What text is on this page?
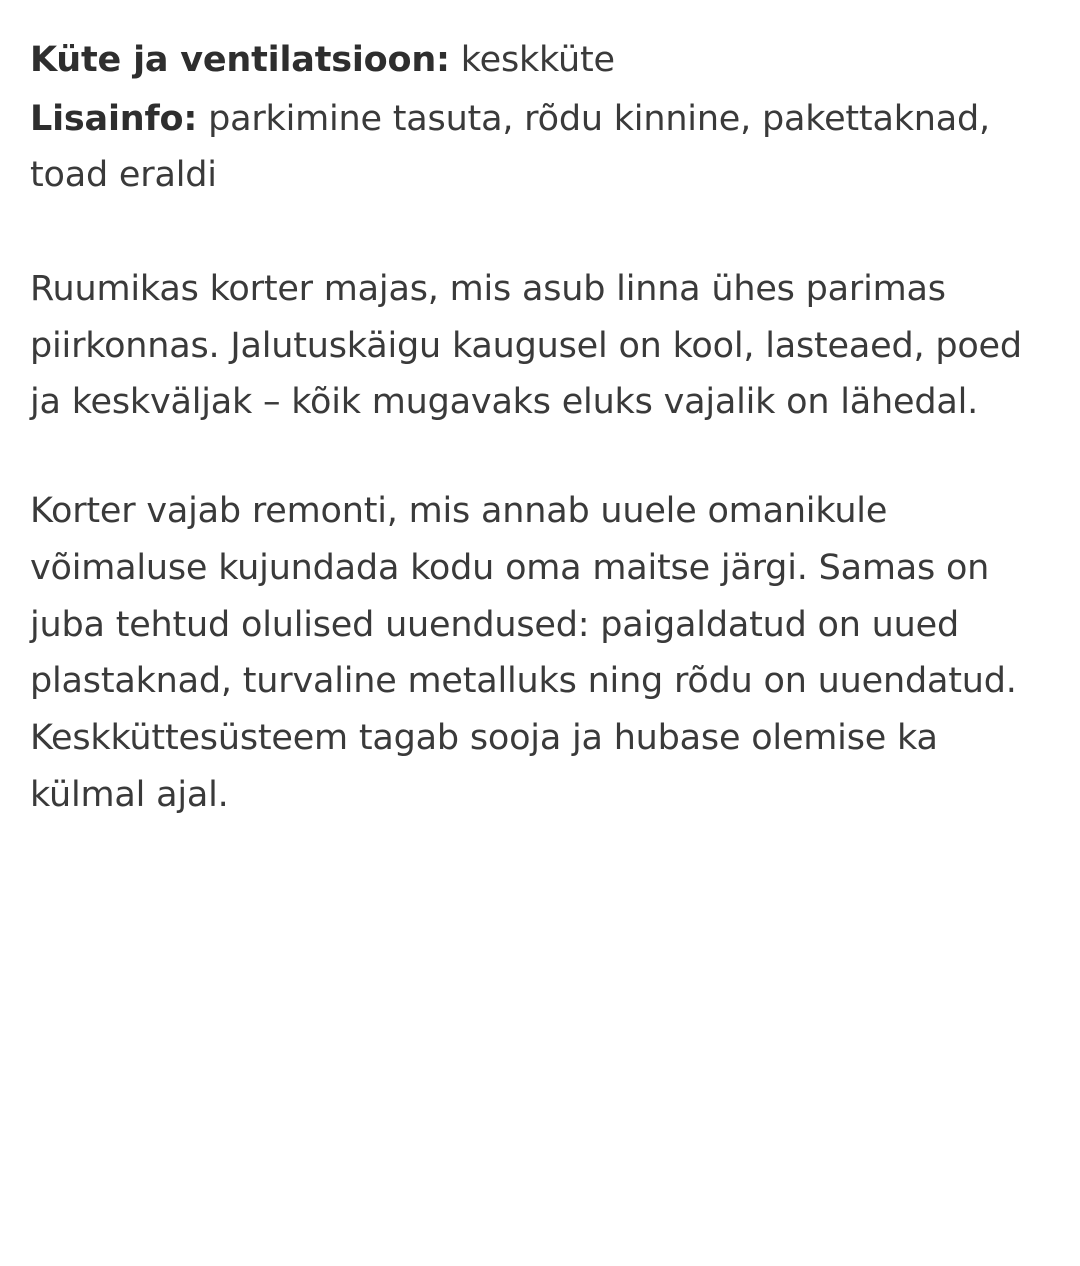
Küte ja ventilatsioon: keskküte

Lisainfo: parkimine tasuta, rõdu kinnine, pakettaknad, toad eraldi

Ruumikas korter majas, mis asub linna ühes parimas piirkonnas. Jalutuskäigu kaugusel on kool, lasteaed, poed ja keskväljak – kõik mugavaks eluks vajalik on lähedal.

Korter vajab remonti, mis annab uuele omanikule võimaluse kujundada kodu oma maitse järgi. Samas on juba tehtud olulised uuendused: paigaldatud on uued plastaknad, turvaline metalluks ning rõdu on uuendatud. Keskküttesüsteem tagab sooja ja hubase olemise ka külmal ajal.
